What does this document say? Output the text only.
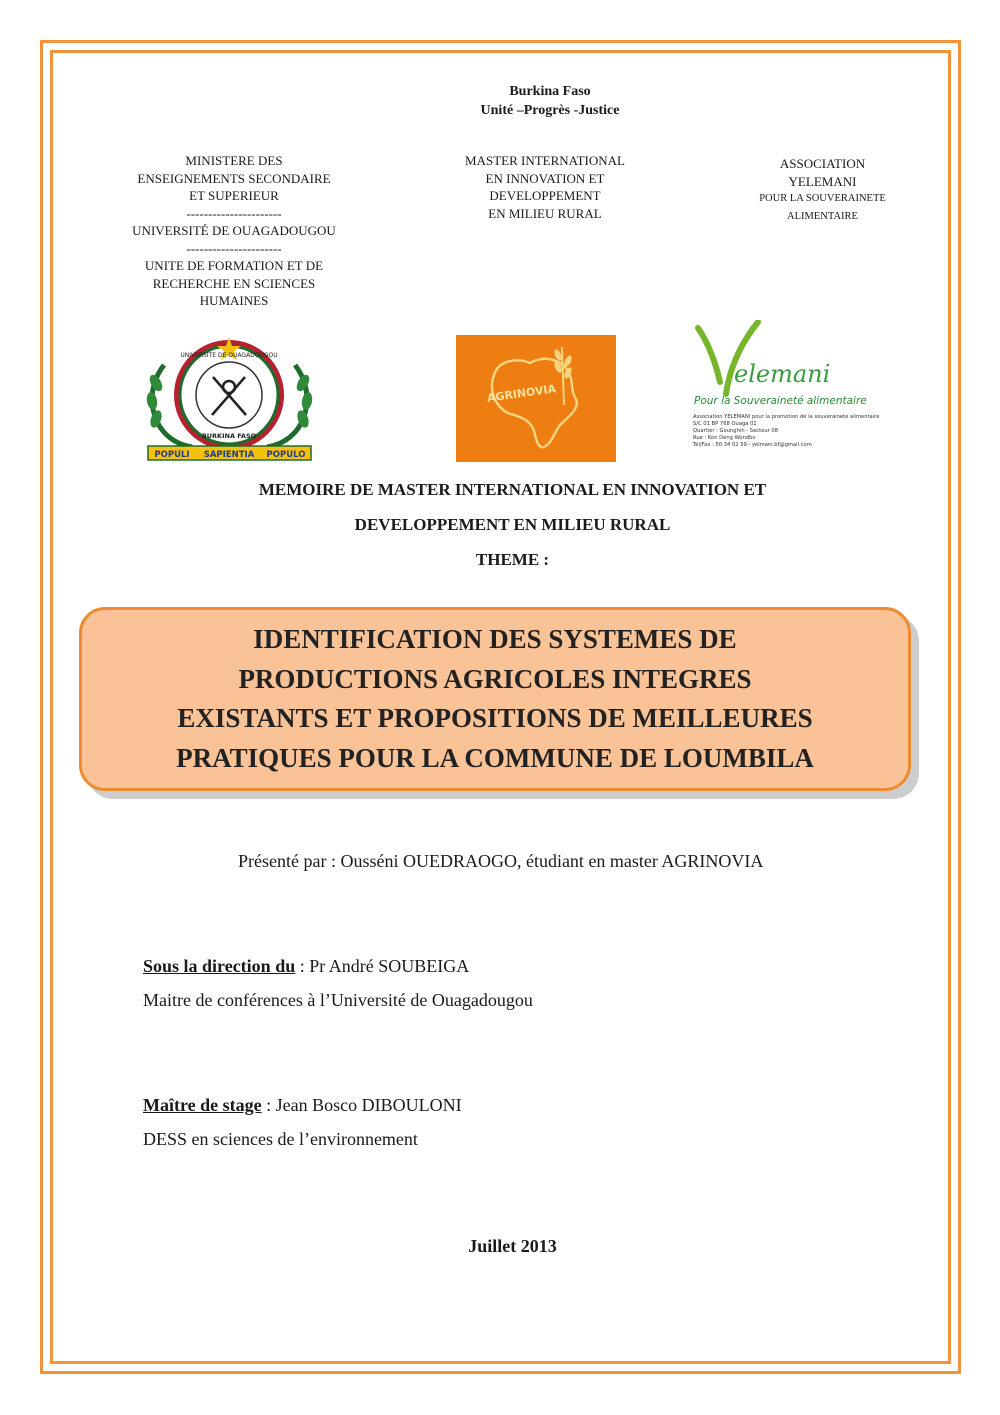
Burkina Faso
Unité –Progrès -Justice
MINISTERE DES
ENSEIGNEMENTS SECONDAIRE
ET SUPERIEUR
----------------------
UNIVERSITÉ DE OUAGADOUGOU
----------------------
UNITE DE FORMATION ET DE
RECHERCHE EN SCIENCES
HUMAINES
MASTER INTERNATIONAL
EN INNOVATION ET
DEVELOPPEMENT
EN MILIEU RURAL
ASSOCIATION
YELEMANI
POUR LA SOUVERAINETE
ALIMENTAIRE
UNIVERSITE DE OUAGADOUGOU
BURKINA FASO
POPULI SAPIENTIA POPULO
AGRINOVIA
elemani
Pour la Souveraineté alimentaire
Association YELEMANI pour la promotion de la souveraineté alimentaire
S/C 01 BP 768 Ouaga 01
Quartier : Gounghin - Secteur 08
Rue : Kon Deng Wondbo
Tél/Fax : 50 34 02 59 - yelmani.bf@gmail.com
MEMOIRE DE MASTER INTERNATIONAL EN INNOVATION ET
DEVELOPPEMENT EN MILIEU RURAL
THEME :
IDENTIFICATION DES SYSTEMES DE
PRODUCTIONS AGRICOLES INTEGRES
EXISTANTS ET PROPOSITIONS DE MEILLEURES
PRATIQUES POUR LA COMMUNE DE LOUMBILA
Présenté par : Ousséni OUEDRAOGO, étudiant en master AGRINOVIA
Sous la direction du : Pr André SOUBEIGA
Maitre de conférences à l’Université de Ouagadougou
Maître de stage : Jean Bosco DIBOULONI
DESS en sciences de l’environnement
Juillet 2013
